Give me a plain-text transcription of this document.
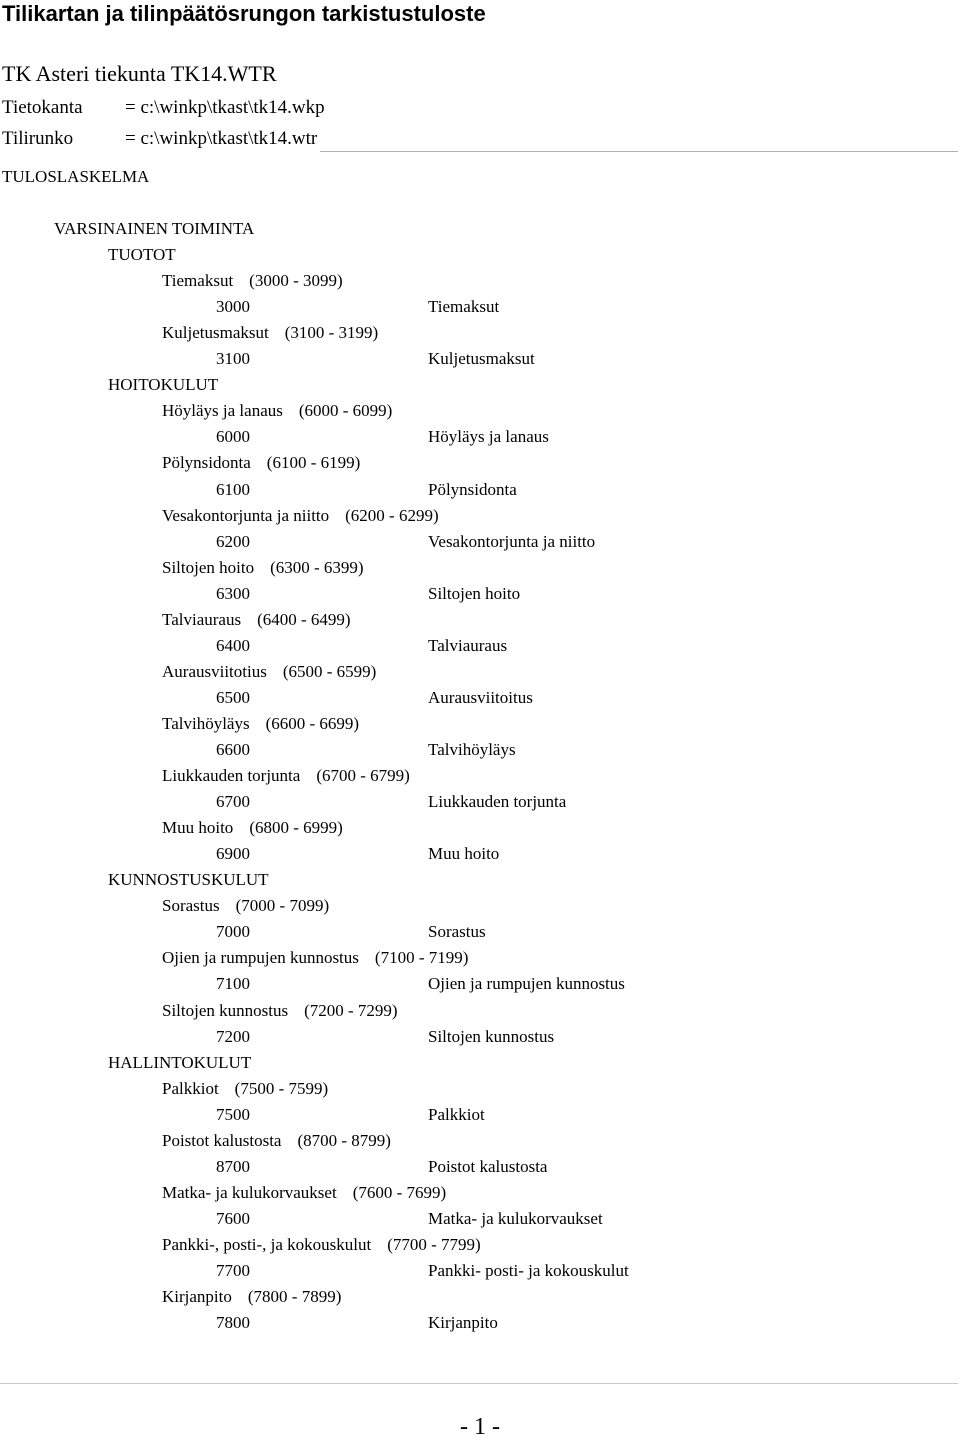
Tilikartan ja tilinpäätösrungon tarkistustuloste
TK Asteri tiekunta TK14.WTR
Tietokanta = c:\winkp\tkast\tk14.wkp
Tilirunko	= c:\winkp\tkast\tk14.wtr
TULOSLASKELMA
VARSINAINEN TOIMINTA
TUOTOT
Tiemaksut (3000 - 3099)
3000	Tiemaksut
Kuljetusmaksut (3100 - 3199)
3100	Kuljetusmaksut
HOITOKULUT
Höyläys ja lanaus (6000 - 6099)
6000	Höyläys ja lanaus
Pölynsidonta (6100 - 6199)
6100	Pölynsidonta
Vesakontorjunta ja niitto (6200 - 6299)
6200	Vesakontorjunta ja niitto
Siltojen hoito (6300 - 6399)
6300	Siltojen hoito
Talviauraus (6400 - 6499)
6400	Talviauraus
Aurausviitotius (6500 - 6599)
6500	Aurausviitoitus
Talvihöyläys (6600 - 6699)
6600	Talvihöyläys
Liukkauden torjunta (6700 - 6799)
6700	Liukkauden torjunta
Muu hoito (6800 - 6999)
6900	Muu hoito
KUNNOSTUSKULUT
Sorastus (7000 - 7099)
7000	Sorastus
Ojien ja rumpujen kunnostus (7100 - 7199)
7100	Ojien ja rumpujen kunnostus
Siltojen kunnostus (7200 - 7299)
7200	Siltojen kunnostus
HALLINTOKULUT
Palkkiot (7500 - 7599)
7500	Palkkiot
Poistot kalustosta (8700 - 8799)
8700	Poistot kalustosta
Matka- ja kulukorvaukset (7600 - 7699)
7600	Matka- ja kulukorvaukset
Pankki-, posti-, ja kokouskulut (7700 - 7799)
7700	Pankki- posti- ja kokouskulut
Kirjanpito (7800 - 7899)
7800	Kirjanpito
- 1 -
